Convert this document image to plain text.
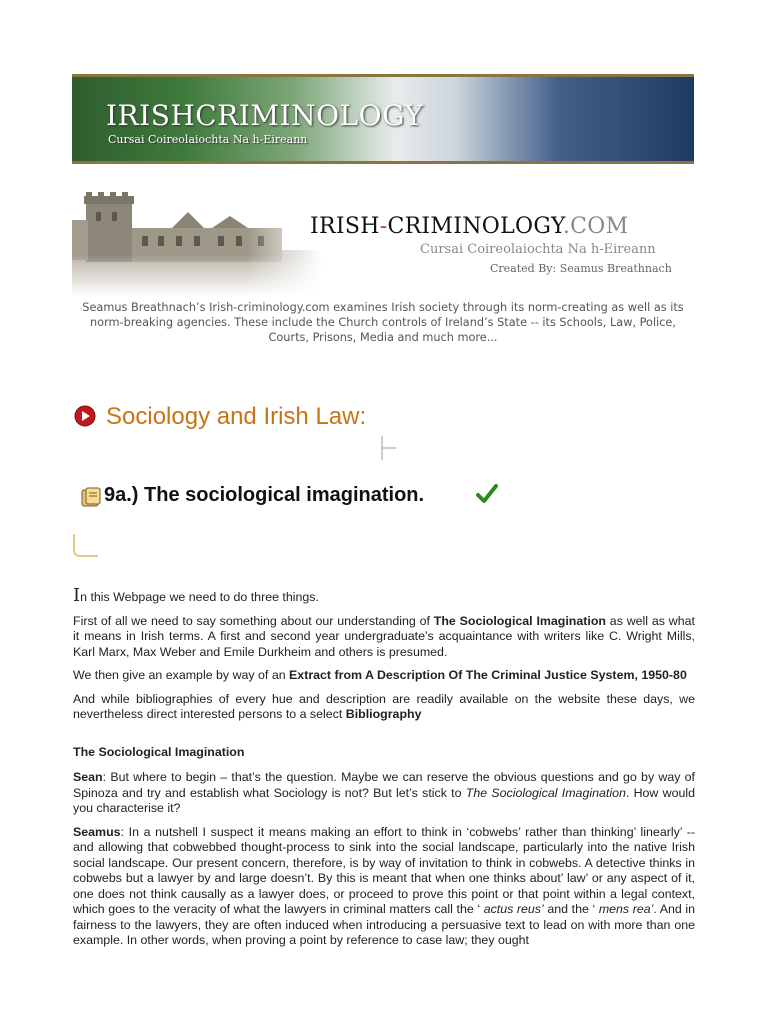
IRISHCRIMINOLOGY
Cursai Coireolaiochta Na h-Eireann
IRISH-CRIMINOLOGY.COM
Cursai Coireolaiochta Na h-Eireann
Created By: Seamus Breathnach
Seamus Breathnach’s Irish-criminology.com examines Irish society through its norm-creating as well as its norm-breaking agencies. These include the Church controls of Ireland’s State -- its Schools, Law, Police, Courts, Prisons, Media and much more...
Sociology and Irish Law:
9a.) The sociological imagination.

In this Webpage we need to do three things.

First of all we need to say something about our understanding of The Sociological Imagination as well as what it means in Irish terms. A first and second year undergraduate’s acquaintance with writers like C. Wright Mills, Karl Marx, Max Weber and Emile Durkheim and others is presumed.

We then give an example by way of an Extract from A Description Of The Criminal Justice System, 1950-80

And while bibliographies of every hue and description are readily available on the website these days, we nevertheless direct interested persons to a select Bibliography

The Sociological Imagination

Sean: But where to begin – that’s the question. Maybe we can reserve the obvious questions and go by way of Spinoza and try and establish what Sociology is not? But let’s stick to The Sociological Imagination. How would you characterise it?

Seamus: In a nutshell I suspect it means making an effort to think in ‘cobwebs’ rather than thinking’ linearly’ -- and allowing that cobwebbed thought-process to sink into the social landscape, particularly into the native Irish social landscape. Our present concern, therefore, is by way of invitation to think in cobwebs. A detective thinks in cobwebs but a lawyer by and large doesn’t. By this is meant that when one thinks about’ law’ or any aspect of it, one does not think causally as a lawyer does, or proceed to prove this point or that point within a legal context, which goes to the veracity of what the lawyers in criminal matters call the ‘ actus reus’ and the ‘ mens rea’. And in fairness to the lawyers, they are often induced when introducing a persuasive text to lead on with more than one example. In other words, when proving a point by reference to case law; they ought
